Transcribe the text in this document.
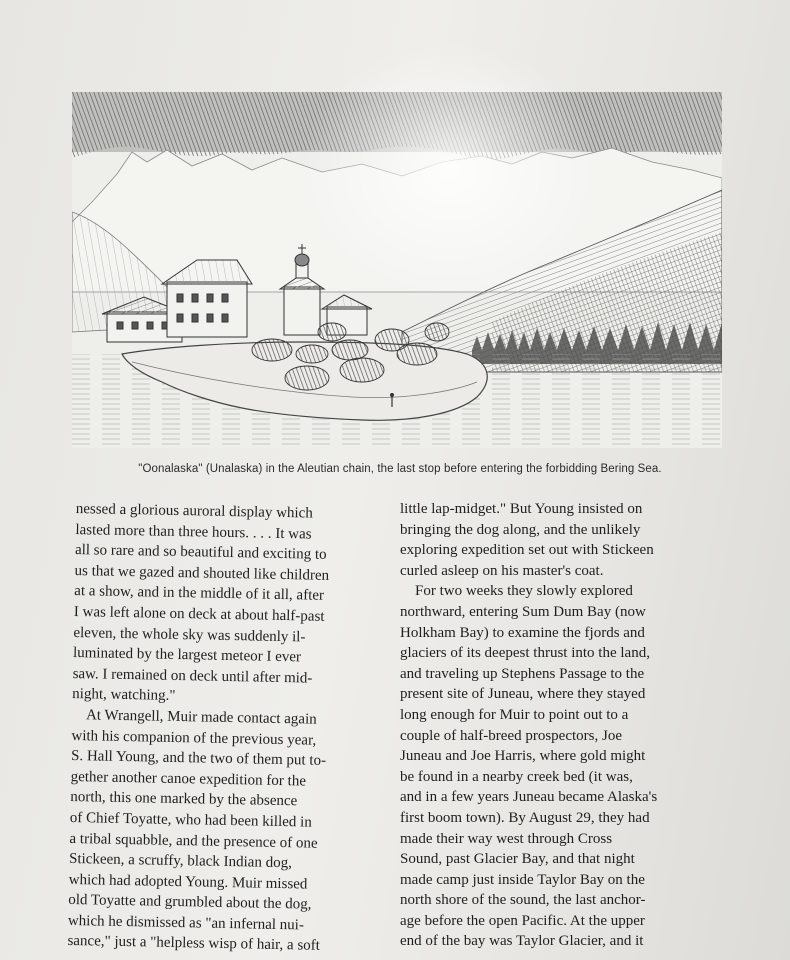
"Oonalaska" (Unalaska) in the Aleutian chain, the last stop before entering the forbidding Bering Sea.
nessed a glorious auroral display which
lasted more than three hours. . . . It was
all so rare and so beautiful and exciting to
us that we gazed and shouted like children
at a show, and in the middle of it all, after
I was left alone on deck at about half-past
eleven, the whole sky was suddenly il-
luminated by the largest meteor I ever
saw. I remained on deck until after mid-
night, watching."
At Wrangell, Muir made contact again
with his companion of the previous year,
S. Hall Young, and the two of them put to-
gether another canoe expedition for the
north, this one marked by the absence
of Chief Toyatte, who had been killed in
a tribal squabble, and the presence of one
Stickeen, a scruffy, black Indian dog,
which had adopted Young. Muir missed
old Toyatte and grumbled about the dog,
which he dismissed as "an infernal nui-
sance," just a "helpless wisp of hair, a soft
little lap-midget." But Young insisted on
bringing the dog along, and the unlikely
exploring expedition set out with Stickeen
curled asleep on his master's coat.
For two weeks they slowly explored
northward, entering Sum Dum Bay (now
Holkham Bay) to examine the fjords and
glaciers of its deepest thrust into the land,
and traveling up Stephens Passage to the
present site of Juneau, where they stayed
long enough for Muir to point out to a
couple of half-breed prospectors, Joe
Juneau and Joe Harris, where gold might
be found in a nearby creek bed (it was,
and in a few years Juneau became Alaska's
first boom town). By August 29, they had
made their way west through Cross
Sound, past Glacier Bay, and that night
made camp just inside Taylor Bay on the
north shore of the sound, the last anchor-
age before the open Pacific. At the upper
end of the bay was Taylor Glacier, and it
